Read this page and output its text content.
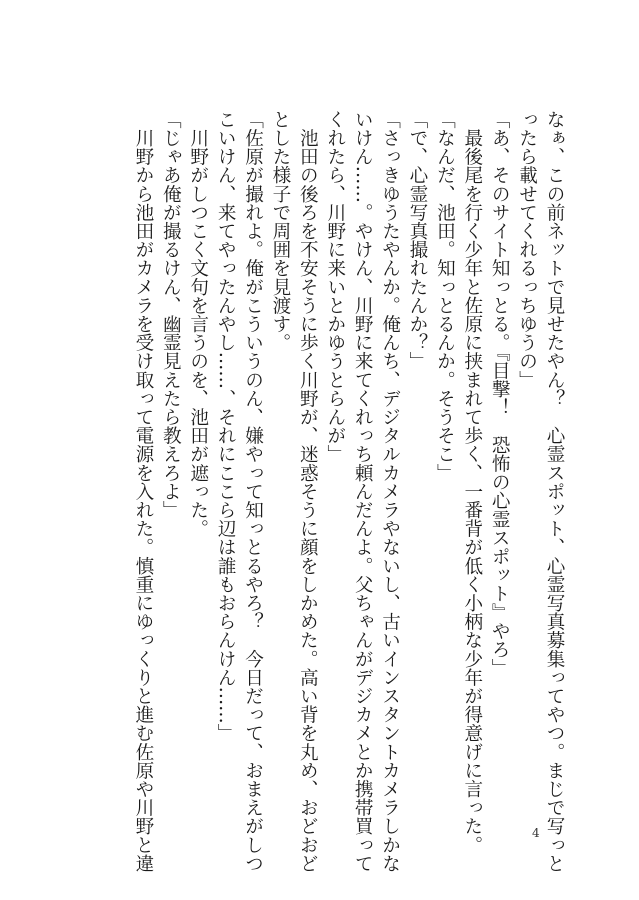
なぁ、この前ネットで見せたやん？　心霊スポット、心霊写真募集ってやつ。まじで写っと
ったら載せてくれるっちゆうの」
「あ、そのサイト知っとる。『目撃！　恐怖の心霊スポット』やろ」
　最後尾を行く少年と佐原に挟まれて歩く、一番背が低く小柄な少年が得意げに言った。
「なんだ、池田。知っとるんか。そうそこ」
「で、心霊写真撮れたんか？」
「さっきゆうたやんか。俺んち、デジタルカメラやないし、古いインスタントカメラしかな
いけん……。やけん、川野に来てくれっち頼んだんよ。父ちゃんがデジカメとか携帯買って
くれたら、川野に来いとかゆうとらんが」
　池田の後ろを不安そうに歩く川野が、迷惑そうに顔をしかめた。高い背を丸め、おどおど
とした様子で周囲を見渡す。
「佐原が撮れよ。俺がこういうのん、嫌やって知っとるやろ？　今日だって、おまえがしつ
こいけん、来てやったんやし……、それにここら辺は誰もおらんけん……」
　川野がしつこく文句を言うのを、池田が遮った。
「じゃあ俺が撮るけん、幽霊見えたら教えろよ」
　川野から池田がカメラを受け取って電源を入れた。慎重にゆっくりと進む佐原や川野と違	4
